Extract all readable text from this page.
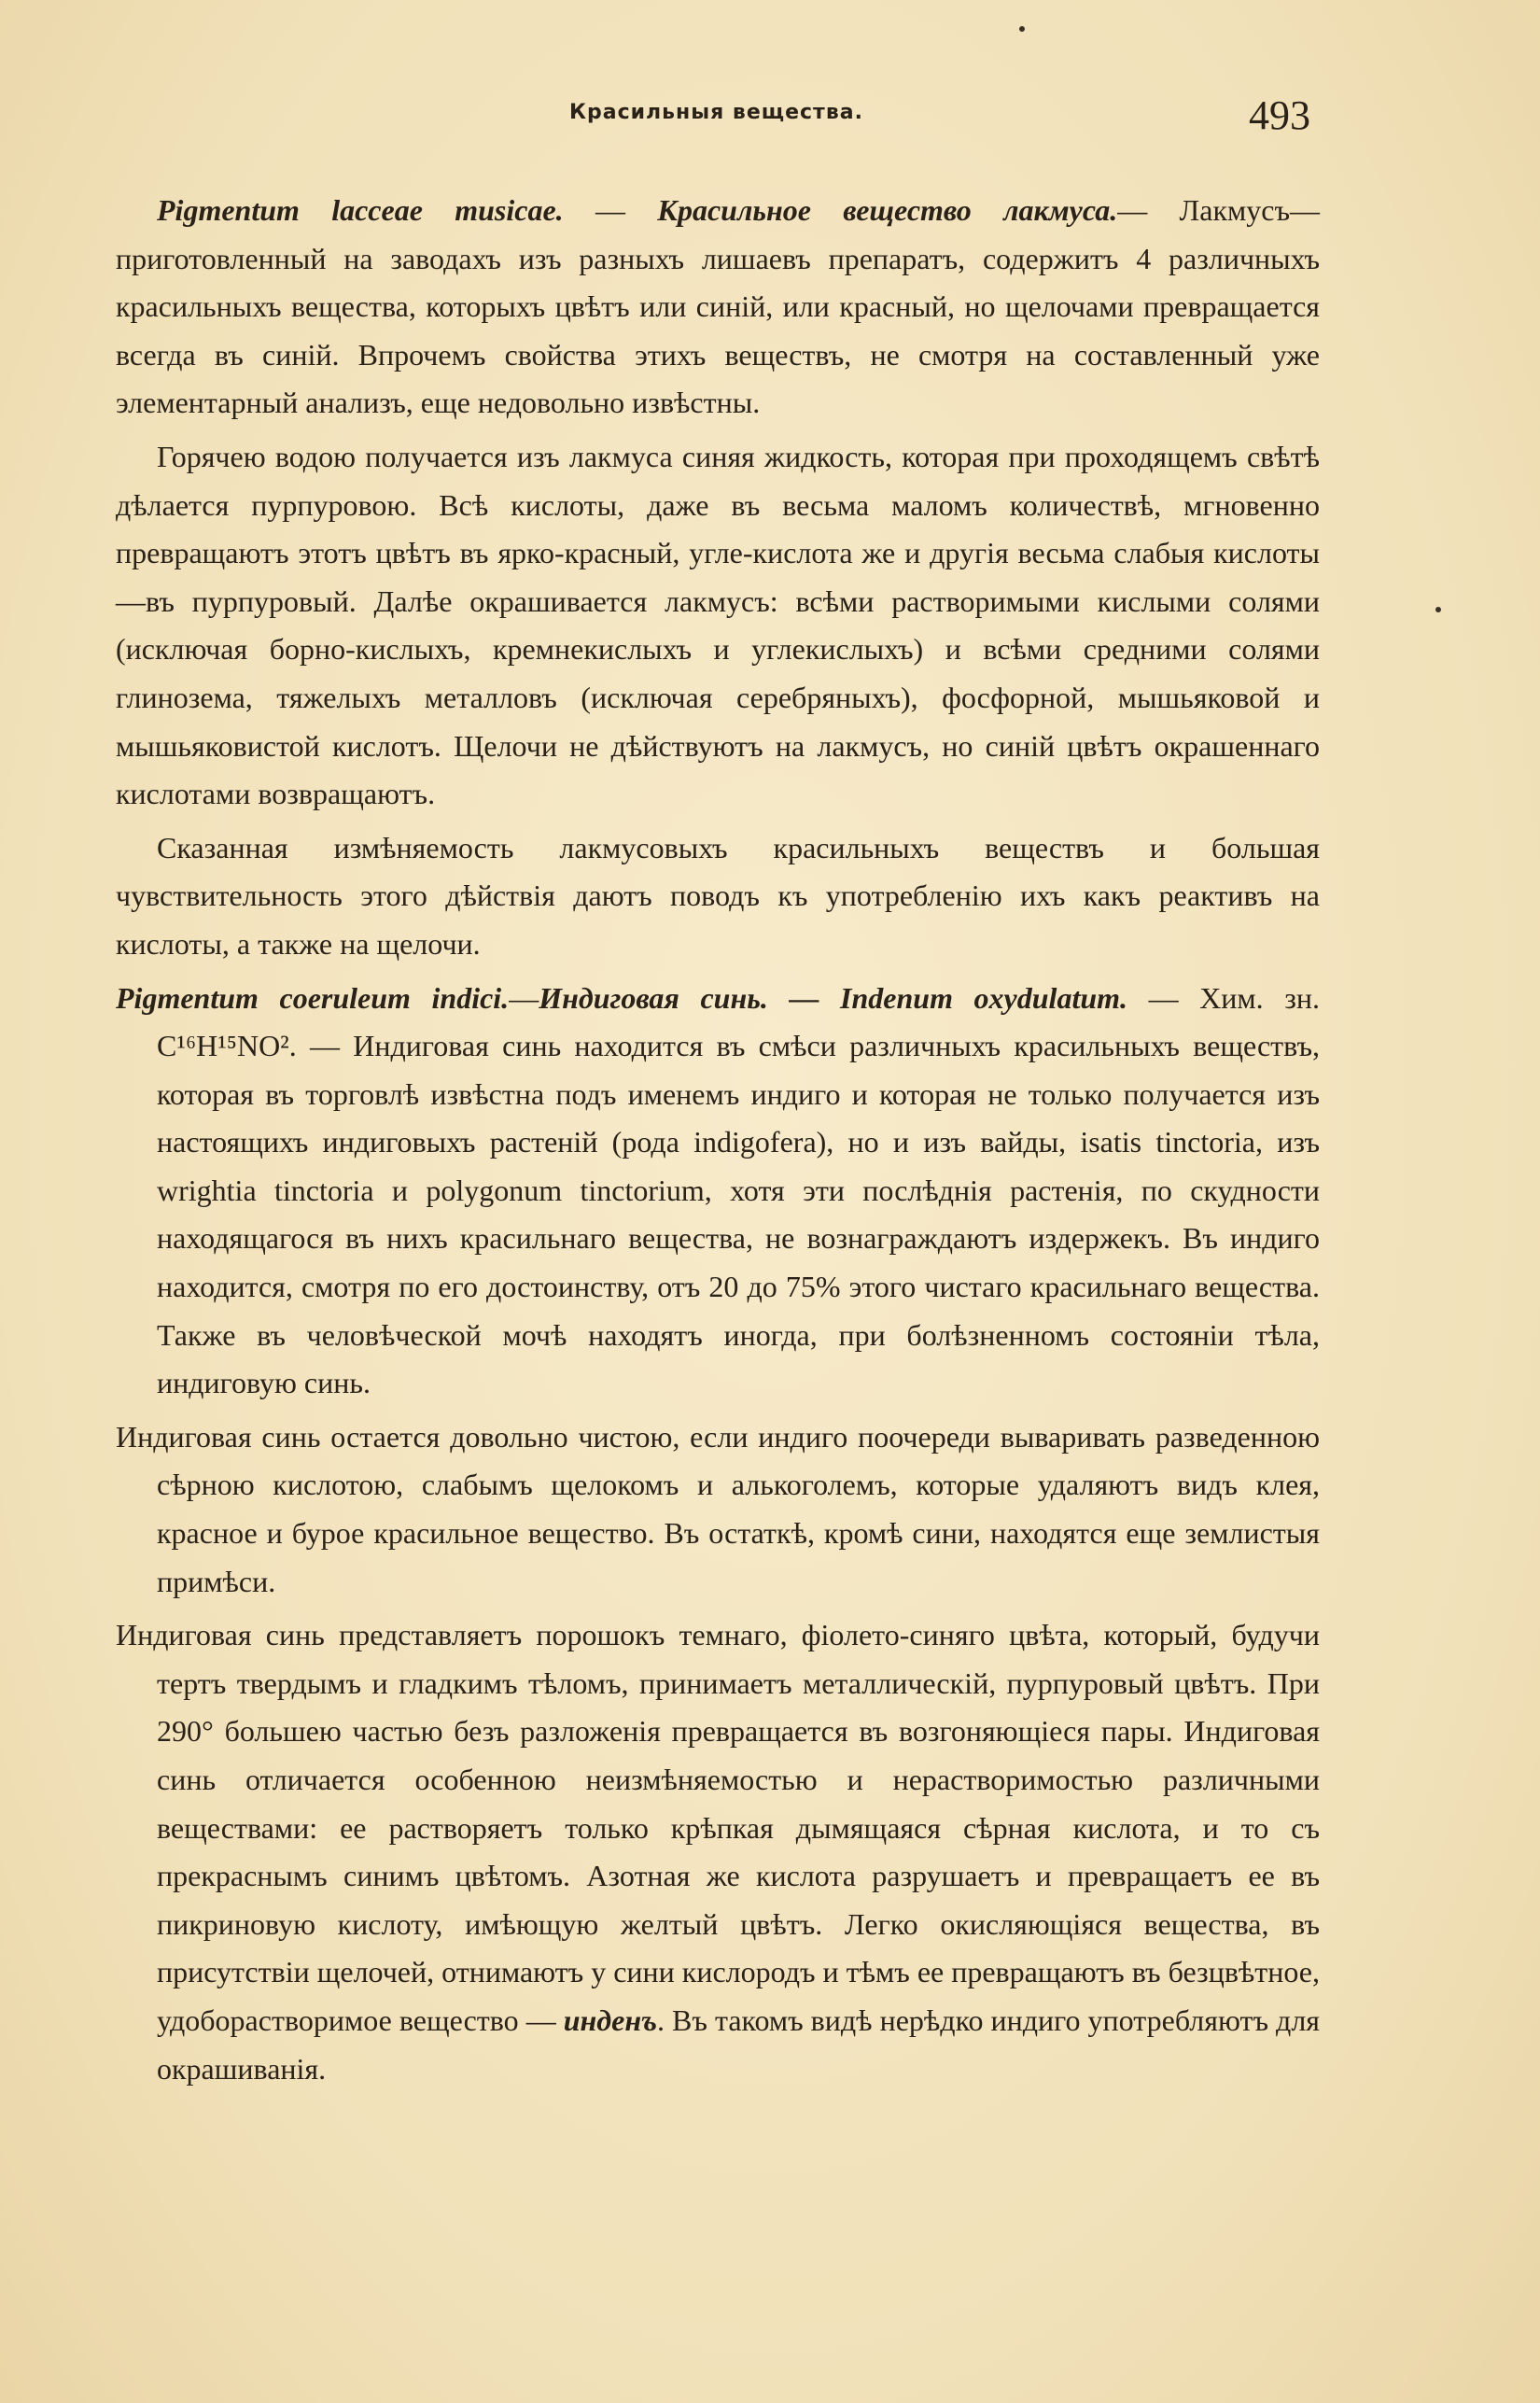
Красильныя вещества.	493

Pigmentum lacceae musicae. — Красильное вещество лакмуса.— Лакмусъ—приготовленный на заводахъ изъ разныхъ лишаевъ препаратъ, содержитъ 4 различныхъ красильныхъ вещества, которыхъ цвѣтъ или синій, или красный, но щелочами превращается всегда въ синій. Впрочемъ свойства этихъ веществъ, не смотря на составленный уже элементарный анализъ, еще недовольно извѣстны.

Горячею водою получается изъ лакмуса синяя жидкость, которая при проходящемъ свѣтѣ дѣлается пурпуровою. Всѣ кислоты, даже въ весьма маломъ количествѣ, мгновенно превращаютъ этотъ цвѣтъ въ ярко-красный, угле-кислота же и другія весьма слабыя кислоты—въ пурпуровый. Далѣе окрашивается лакмусъ: всѣми растворимыми кислыми солями (исключая борно-кислыхъ, кремнекислыхъ и углекислыхъ) и всѣми средними солями глинозема, тяжелыхъ металловъ (исключая серебряныхъ), фосфорной, мышьяковой и мышьяковистой кислотъ. Щелочи не дѣйствуютъ на лакмусъ, но синій цвѣтъ окрашеннаго кислотами возвращаютъ.

Сказанная измѣняемость лакмусовыхъ красильныхъ веществъ и большая чувствительность этого дѣйствія даютъ поводъ къ употребленію ихъ какъ реактивъ на кислоты, а также на щелочи.

Pigmentum coeruleum indici.—Индиговая синь. — Indenum oxydulatum. — Хим. зн. C¹⁶H¹⁵NO². — Индиговая синь находится въ смѣси различныхъ красильныхъ веществъ, которая въ торговлѣ извѣстна подъ именемъ индиго и которая не только получается изъ настоящихъ индиговыхъ растеній (рода indigofera), но и изъ вайды, isatis tinctoria, изъ wrightia tinctoria и polygonum tinctorium, хотя эти послѣднія растенія, по скудности находящагося въ нихъ красильнаго вещества, не вознаграждаютъ издержекъ. Въ индиго находится, смотря по его достоинству, отъ 20 до 75% этого чистаго красильнаго вещества. Также въ человѣческой мочѣ находятъ иногда, при болѣзненномъ состояніи тѣла, индиговую синь.

Индиговая синь остается довольно чистою, если индиго поочереди вываривать разведенною сѣрною кислотою, слабымъ щелокомъ и алькоголемъ, которые удаляютъ видъ клея, красное и бурое красильное вещество. Въ остаткѣ, кромѣ сини, находятся еще землистыя примѣси.

Индиговая синь представляетъ порошокъ темнаго, фіолето-синяго цвѣта, который, будучи тертъ твердымъ и гладкимъ тѣломъ, принимаетъ металлическій, пурпуровый цвѣтъ. При 290° большею частью безъ разложенія превращается въ возгоняющіеся пары. Индиговая синь отличается особенною неизмѣняемостью и нерастворимостью различными веществами: ее растворяетъ только крѣпкая дымящаяся сѣрная кислота, и то съ прекраснымъ синимъ цвѣтомъ. Азотная же кислота разрушаетъ и превращаетъ ее въ пикриновую кислоту, имѣющую желтый цвѣтъ. Легко окисляющіяся вещества, въ присутствіи щелочей, отнимаютъ у сини кислородъ и тѣмъ ее превращаютъ въ безцвѣтное, удоборастворимое вещество — инденъ. Въ такомъ видѣ нерѣдко индиго употребляютъ для окрашиванія.
